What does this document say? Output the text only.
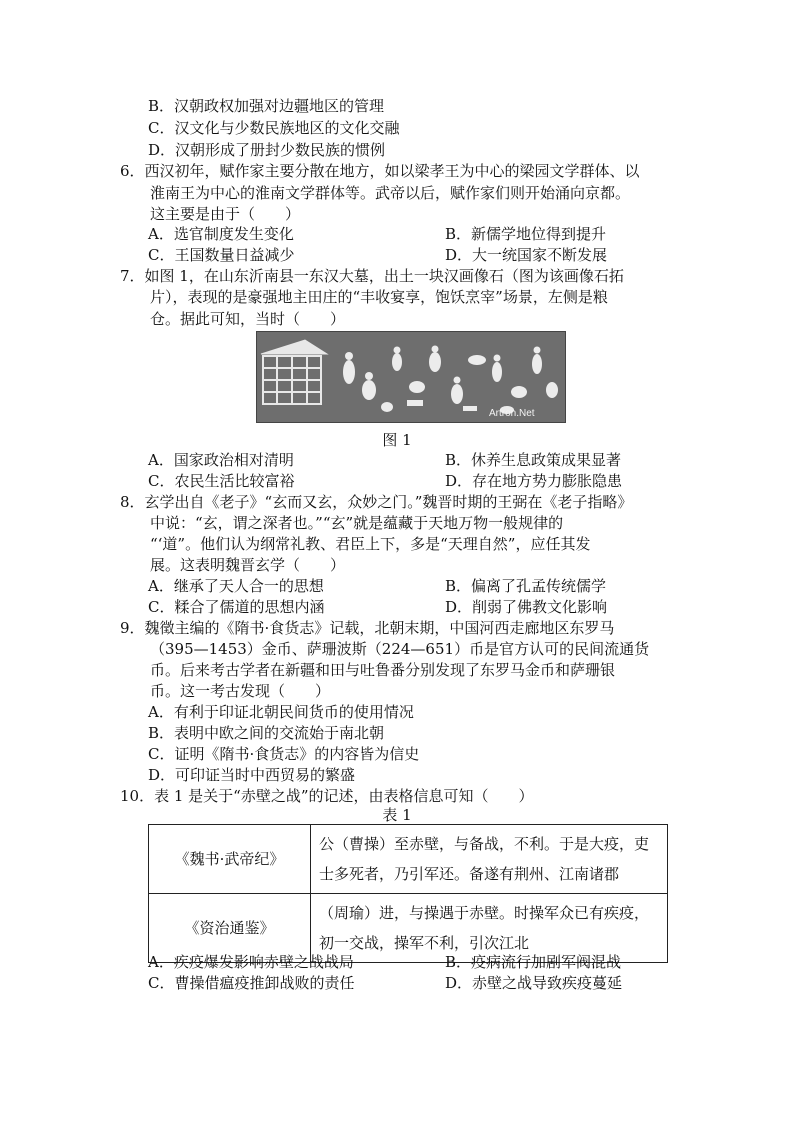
B．汉朝政权加强对边疆地区的管理
C．汉文化与少数民族地区的文化交融
D．汉朝形成了册封少数民族的惯例
6．西汉初年，赋作家主要分散在地方，如以梁孝王为中心的梁园文学群体、以
淮南王为中心的淮南文学群体等。武帝以后，赋作家们则开始涌向京都。
这主要是由于（　　）
A．选官制度发生变化	B．新儒学地位得到提升
C．王国数量日益减少	D．大一统国家不断发展
7．如图 1，在山东沂南县一东汉大墓，出土一块汉画像石（图为该画像石拓
片），表现的是豪强地主田庄的“丰收宴享，饱饫烹宰”场景，左侧是粮
仓。据此可知，当时（　　）
Artron.Net
图 1
A．国家政治相对清明	B．休养生息政策成果显著
C．农民生活比较富裕	D．存在地方势力膨胀隐患
8．玄学出自《老子》“玄而又玄，众妙之门。”魏晋时期的王弼在《老子指略》
中说：“玄，谓之深者也。”“玄”就是蕴藏于天地万物一般规律的
“‘道”。他们认为纲常礼教、君臣上下，多是“天理自然”，应任其发
展。这表明魏晋玄学（　　）
A．继承了天人合一的思想	B．偏离了孔孟传统儒学
C．糅合了儒道的思想内涵	D．削弱了佛教文化影响
9．魏徵主编的《隋书·食货志》记载，北朝末期，中国河西走廊地区东罗马
（395—1453）金币、萨珊波斯（224—651）币是官方认可的民间流通货
币。后来考古学者在新疆和田与吐鲁番分别发现了东罗马金币和萨珊银
币。这一考古发现（　　）
A．有利于印证北朝民间货币的使用情况
B．表明中欧之间的交流始于南北朝
C．证明《隋书·食货志》的内容皆为信史
D．可印证当时中西贸易的繁盛
10．表 1 是关于“赤壁之战”的记述，由表格信息可知（　　）
表 1
《魏书·武帝纪》	公（曹操）至赤壁，与备战，不利。于是大疫，吏
士多死者，乃引军还。备遂有荆州、江南诸郡

《资治通鉴》	（周瑜）进，与操遇于赤壁。时操军众已有疾疫，
初一交战，操军不利，引次江北
A．疾疫爆发影响赤壁之战战局	B．疫病流行加剧军阀混战
C．曹操借瘟疫推卸战败的责任	D．赤壁之战导致疾疫蔓延
